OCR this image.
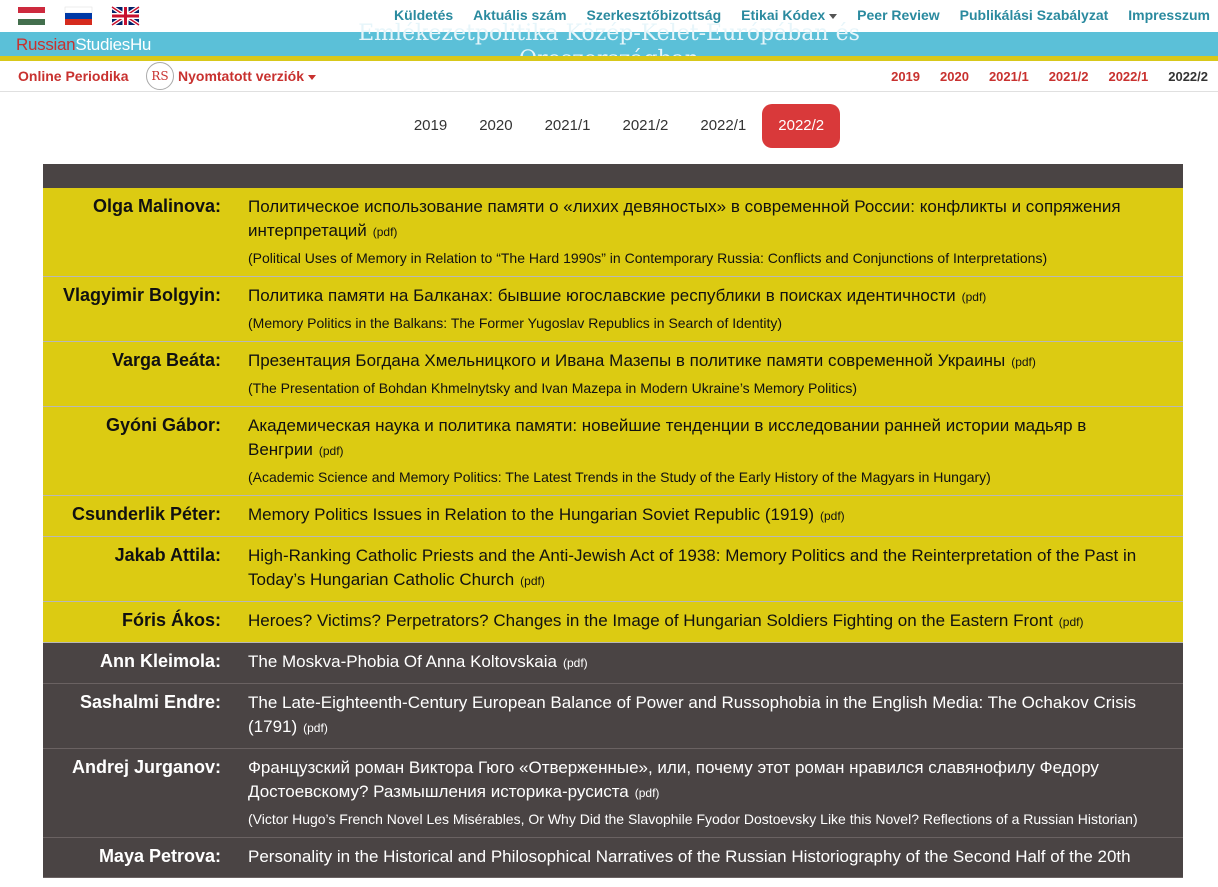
Küldetés Aktuális szám Szerkesztőbizottság Etikai Kódex	Peer Review Publikálási Szabályzat Impresszum
Emlékezetpolitika Közép-Kelet-Európában és
RussianStudiesHu
Online Periodika	RS Nyomtatott verziók	2019 2020 2021/1 2021/2 2022/1 2022/2
2019	2020	2021/1	2021/2	2022/1	2022/2
Olga Malinova:	Политическое использование памяти о «лихих девяностых» в современной России: конфликты и сопряжения интерпретаций (pdf)
(Political Uses of Memory in Relation to “The Hard 1990s” in Contemporary Russia: Conflicts and Conjunctions of Interpretations)
Vlagyimir Bolgyin:	Политика памяти на Балканах: бывшие югославские республики в поисках идентичности (pdf)
(Memory Politics in the Balkans: The Former Yugoslav Republics in Search of Identity)
Varga Beáta:	Презентация Богдана Хмельницкого и Ивана Мазепы в политике памяти современной Украины (pdf)
(The Presentation of Bohdan Khmelnytsky and Ivan Mazepa in Modern Ukraine’s Memory Politics)
Gyóni Gábor:	Академическая наука и политика памяти: новейшие тенденции в исследовании ранней истории мадьяр в Венгрии (pdf)
(Academic Science and Memory Politics: The Latest Trends in the Study of the Early History of the Magyars in Hungary)
Csunderlik Péter:	Memory Politics Issues in Relation to the Hungarian Soviet Republic (1919) (pdf)
Jakab Attila:	High-Ranking Catholic Priests and the Anti-Jewish Act of 1938: Memory Politics and the Reinterpretation of the Past in Today’s Hungarian Catholic Church (pdf)
Fóris Ákos:	Heroes? Victims? Perpetrators? Changes in the Image of Hungarian Soldiers Fighting on the Eastern Front (pdf)
Ann Kleimola:	The Moskva-Phobia Of Anna Koltovskaia (pdf)
Sashalmi Endre:	The Late-Eighteenth-Century European Balance of Power and Russophobia in the English Media: The Ochakov Crisis (1791) (pdf)
Andrej Jurganov:	Французский роман Виктора Гюго «Отверженные», или, почему этот роман нравился славянофилу Федору Достоевскому? Размышления историка-русиста (pdf)
(Victor Hugo’s French Novel Les Misérables, Or Why Did the Slavophile Fyodor Dostoevsky Like this Novel? Reflections of a Russian Historian)
Maya Petrova:	Personality in the Historical and Philosophical Narratives of the Russian Historiography of the Second Half of the 20th
